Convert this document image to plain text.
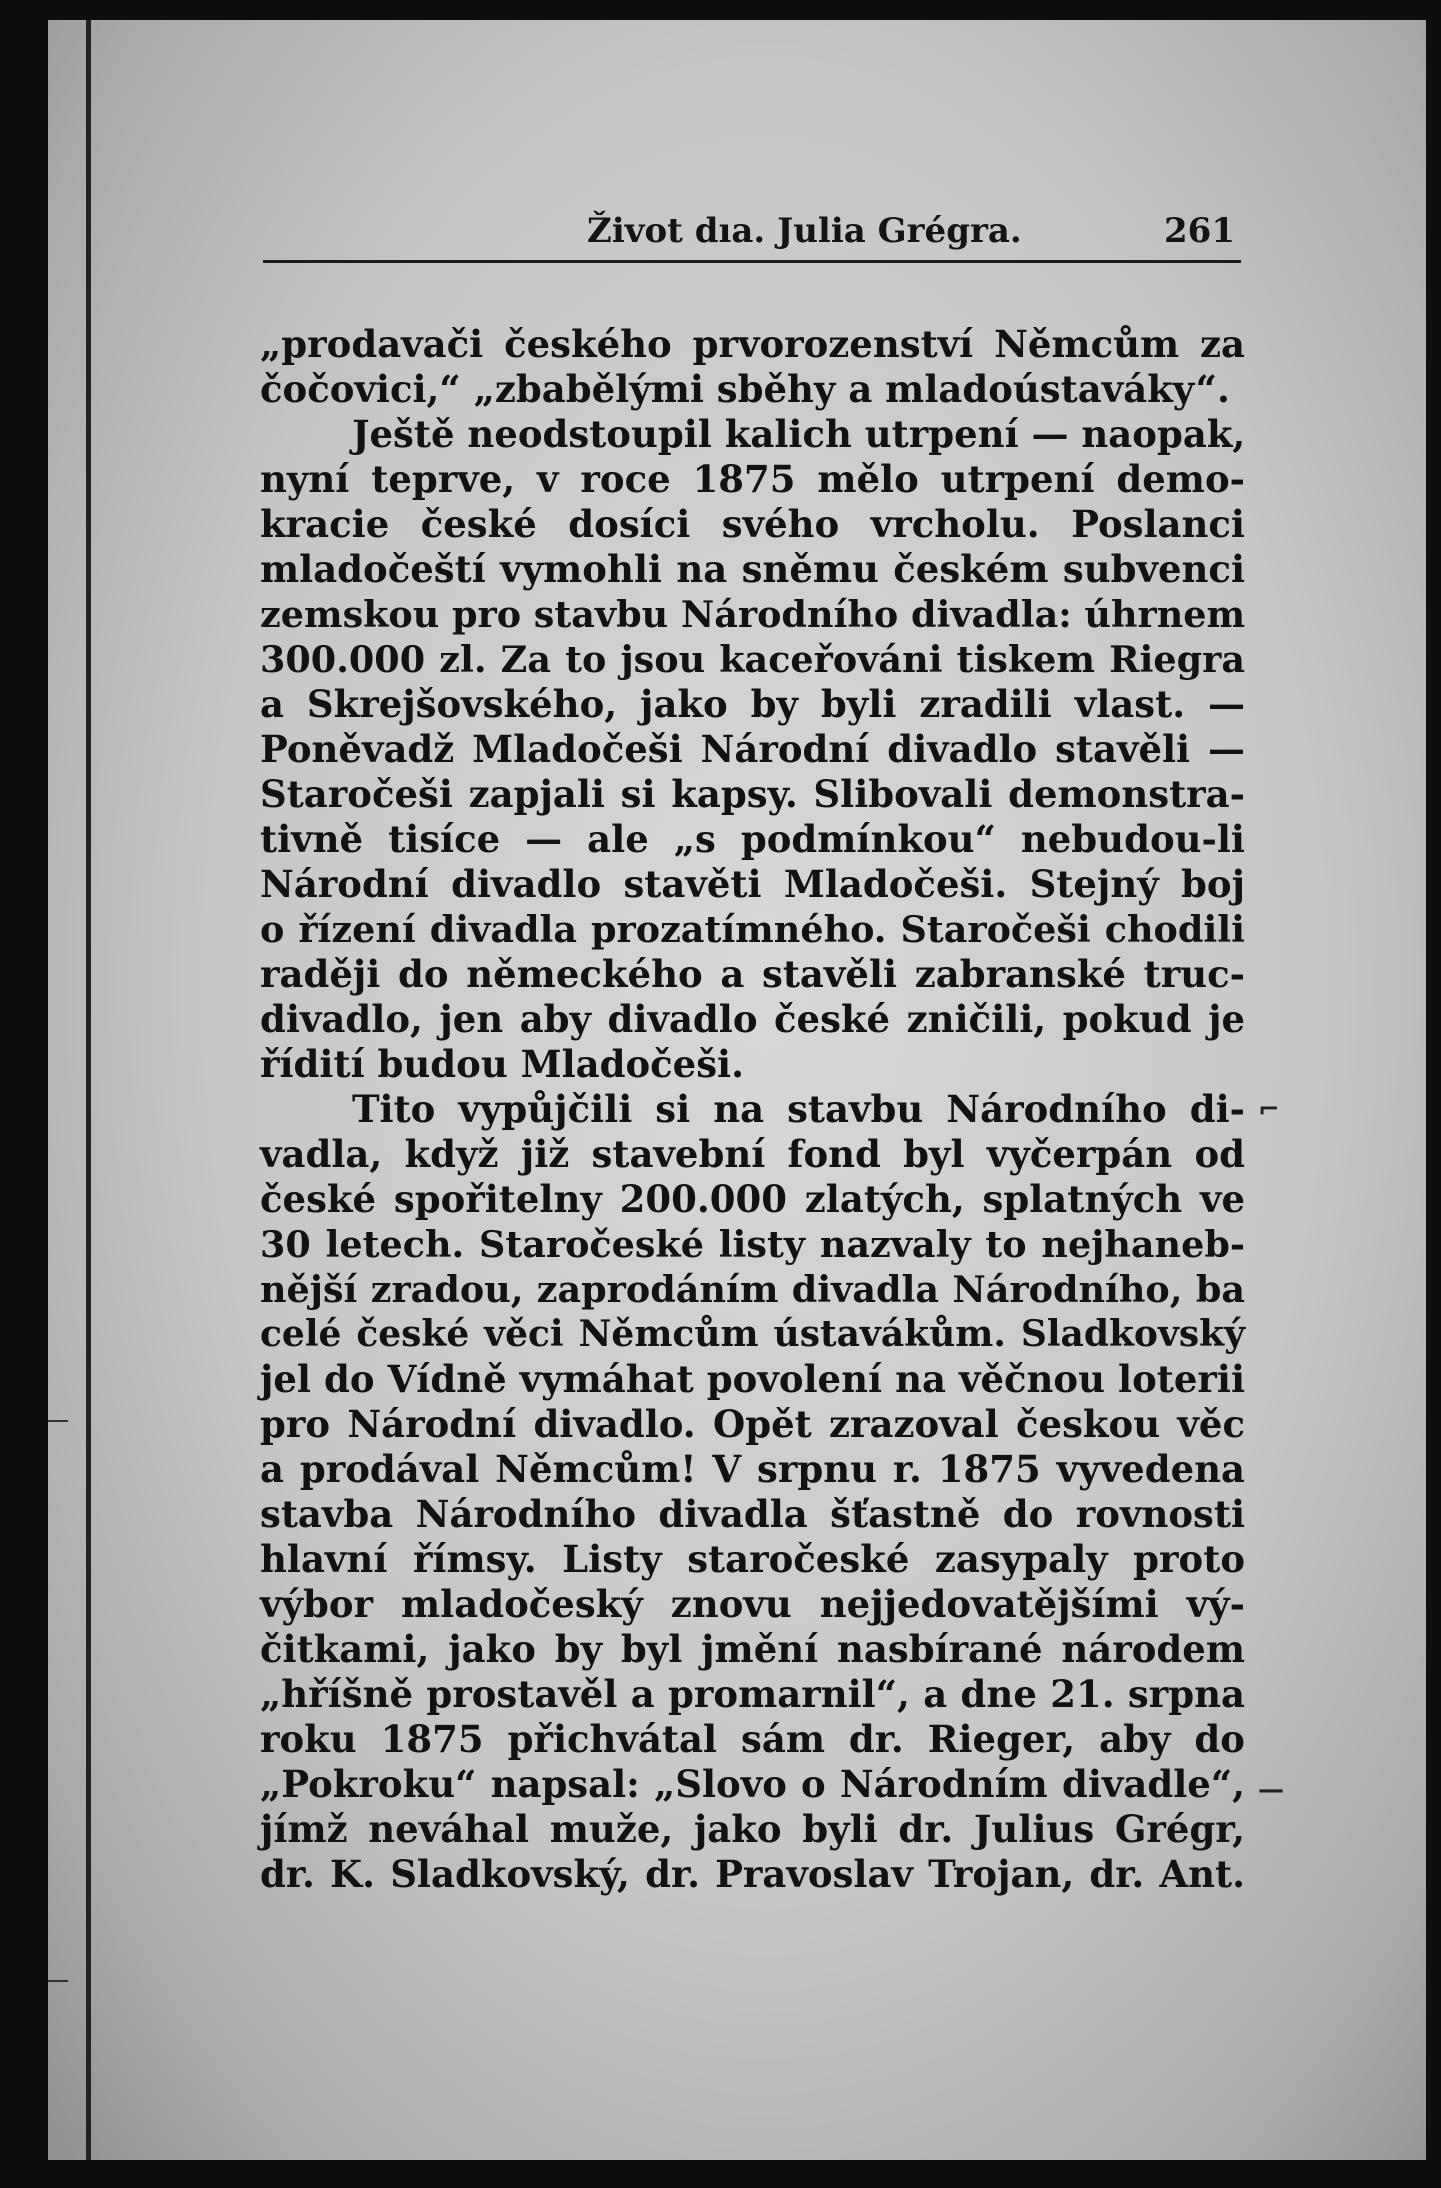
Život dıa. Julia Grégra.	261
„prodavači českého prvorozenství Němcům za
čočovici,“ „zbabělými sběhy a mladoústaváky“.
Ještě neodstoupil kalich utrpení — naopak,
nyní teprve, v roce 1875 mělo utrpení demo-
kracie české dosíci svého vrcholu. Poslanci
mladočeští vymohli na sněmu českém subvenci
zemskou pro stavbu Národního divadla: úhrnem
300.000 zl. Za to jsou kaceřováni tiskem Riegra
a Skrejšovského, jako by byli zradili vlast. —
Poněvadž Mladočeši Národní divadlo stavěli —
Staročeši zapjali si kapsy. Slibovali demonstra-
tivně tisíce — ale „s podmínkou“ nebudou-li
Národní divadlo stavěti Mladočeši. Stejný boj
o řízení divadla prozatímného. Staročeši chodili
raději do německého a stavěli zabranské truc-
divadlo, jen aby divadlo české zničili, pokud je
řídití budou Mladočeši.
Tito vypůjčili si na stavbu Národního di-
vadla, když již stavební fond byl vyčerpán od
české spořitelny 200.000 zlatých, splatných ve
30 letech. Staročeské listy nazvaly to nejhaneb-
nější zradou, zaprodáním divadla Národního, ba
celé české věci Němcům ústavákům. Sladkovský
jel do Vídně vymáhat povolení na věčnou loterii
pro Národní divadlo. Opět zrazoval českou věc
a prodával Němcům! V srpnu r. 1875 vyvedena
stavba Národního divadla šťastně do rovnosti
hlavní římsy. Listy staročeské zasypaly proto
výbor mladočeský znovu nejjedovatějšími vý-
čitkami, jako by byl jmění nasbírané národem
„hříšně prostavěl a promarnil“, a dne 21. srpna
roku 1875 přichvátal sám dr. Rieger, aby do
„Pokroku“ napsal: „Slovo o Národním divadle“,
jímž neváhal muže, jako byli dr. Julius Grégr,
dr. K. Sladkovský, dr. Pravoslav Trojan, dr. Ant.
⌐
—
